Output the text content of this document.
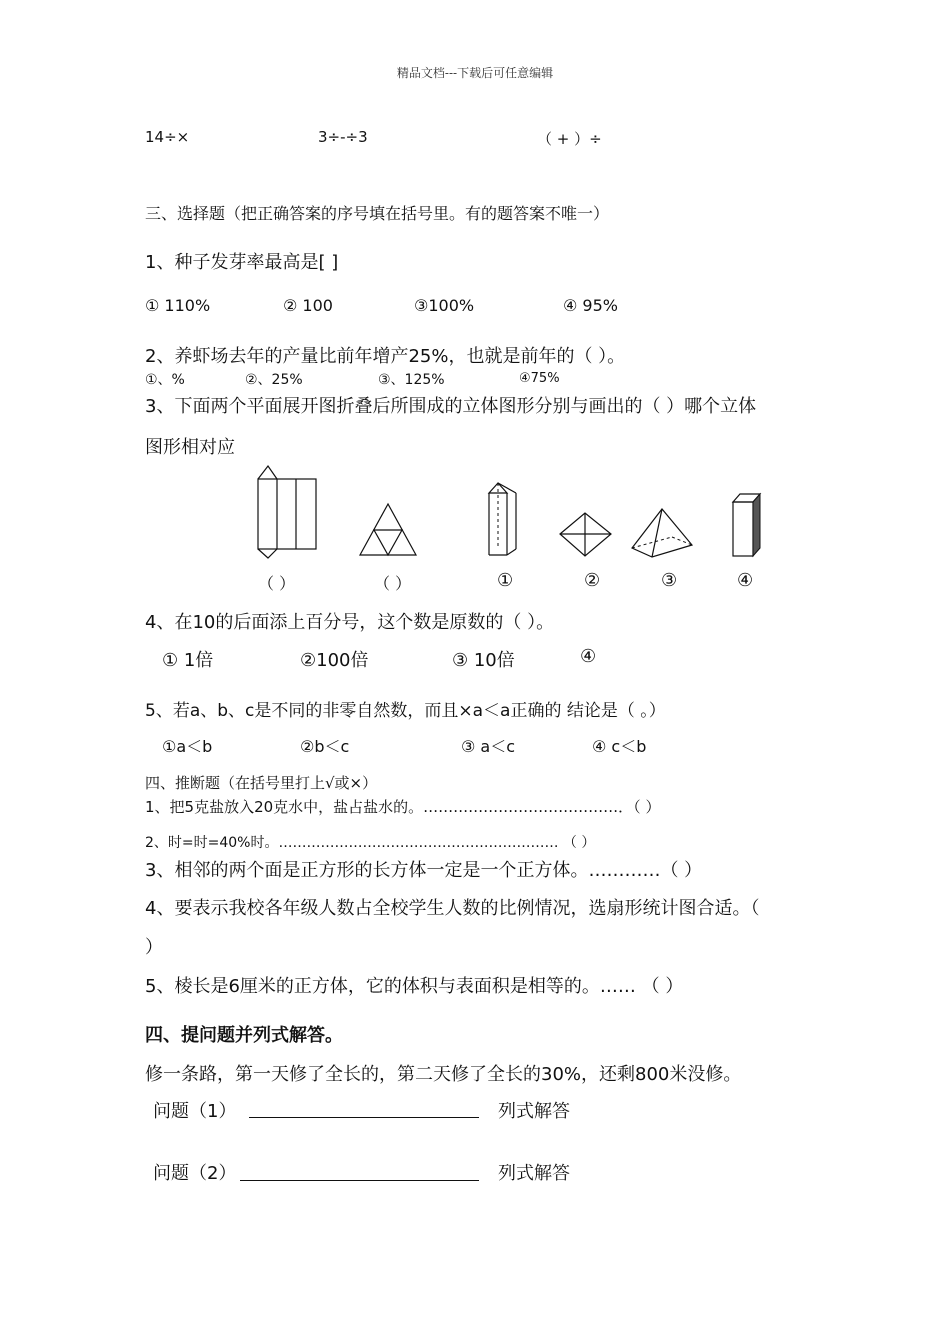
精品文档---下载后可任意编辑
14÷×	3÷-÷3	（ + ）÷
三、选择题（把正确答案的序号填在括号里。有的题答案不唯一）
1、种子发芽率最高是[ ]
① 110%	② 100	③100%	④ 95%
2、养虾场去年的产量比前年增产25%，也就是前年的（ ）。
①、%	②、25%	③、125%	④75%
3、下面两个平面展开图折叠后所围成的立体图形分别与画出的（ ）哪个立体
图形相对应
（ ）	（ ）	①	②	③	④
4、在10的后面添上百分号，这个数是原数的（ ）。
① 1倍	②100倍	③ 10倍	④
5、若a、b、c是不同的非零自然数，而且×a＜a正确的 结论是（ 。）
①a＜b	②b＜c	③ a＜c	④ c＜b
四、推断题（在括号里打上√或×）
1、把5克盐放入20克水中，盐占盐水的。…………………………………．（ ）
2、时=时=40%时。…………………………………………………… （ ）
3、相邻的两个面是正方形的长方体一定是一个正方体。…………（ ）
4、要表示我校各年级人数占全校学生人数的比例情况，选扇形统计图合适。（
）
5、棱长是6厘米的正方体，它的体积与表面积是相等的。…… （ ）
四、提问题并列式解答。
修一条路，第一天修了全长的，第二天修了全长的30%，还剩800米没修。
问题（1）	列式解答
问题（2）	列式解答
